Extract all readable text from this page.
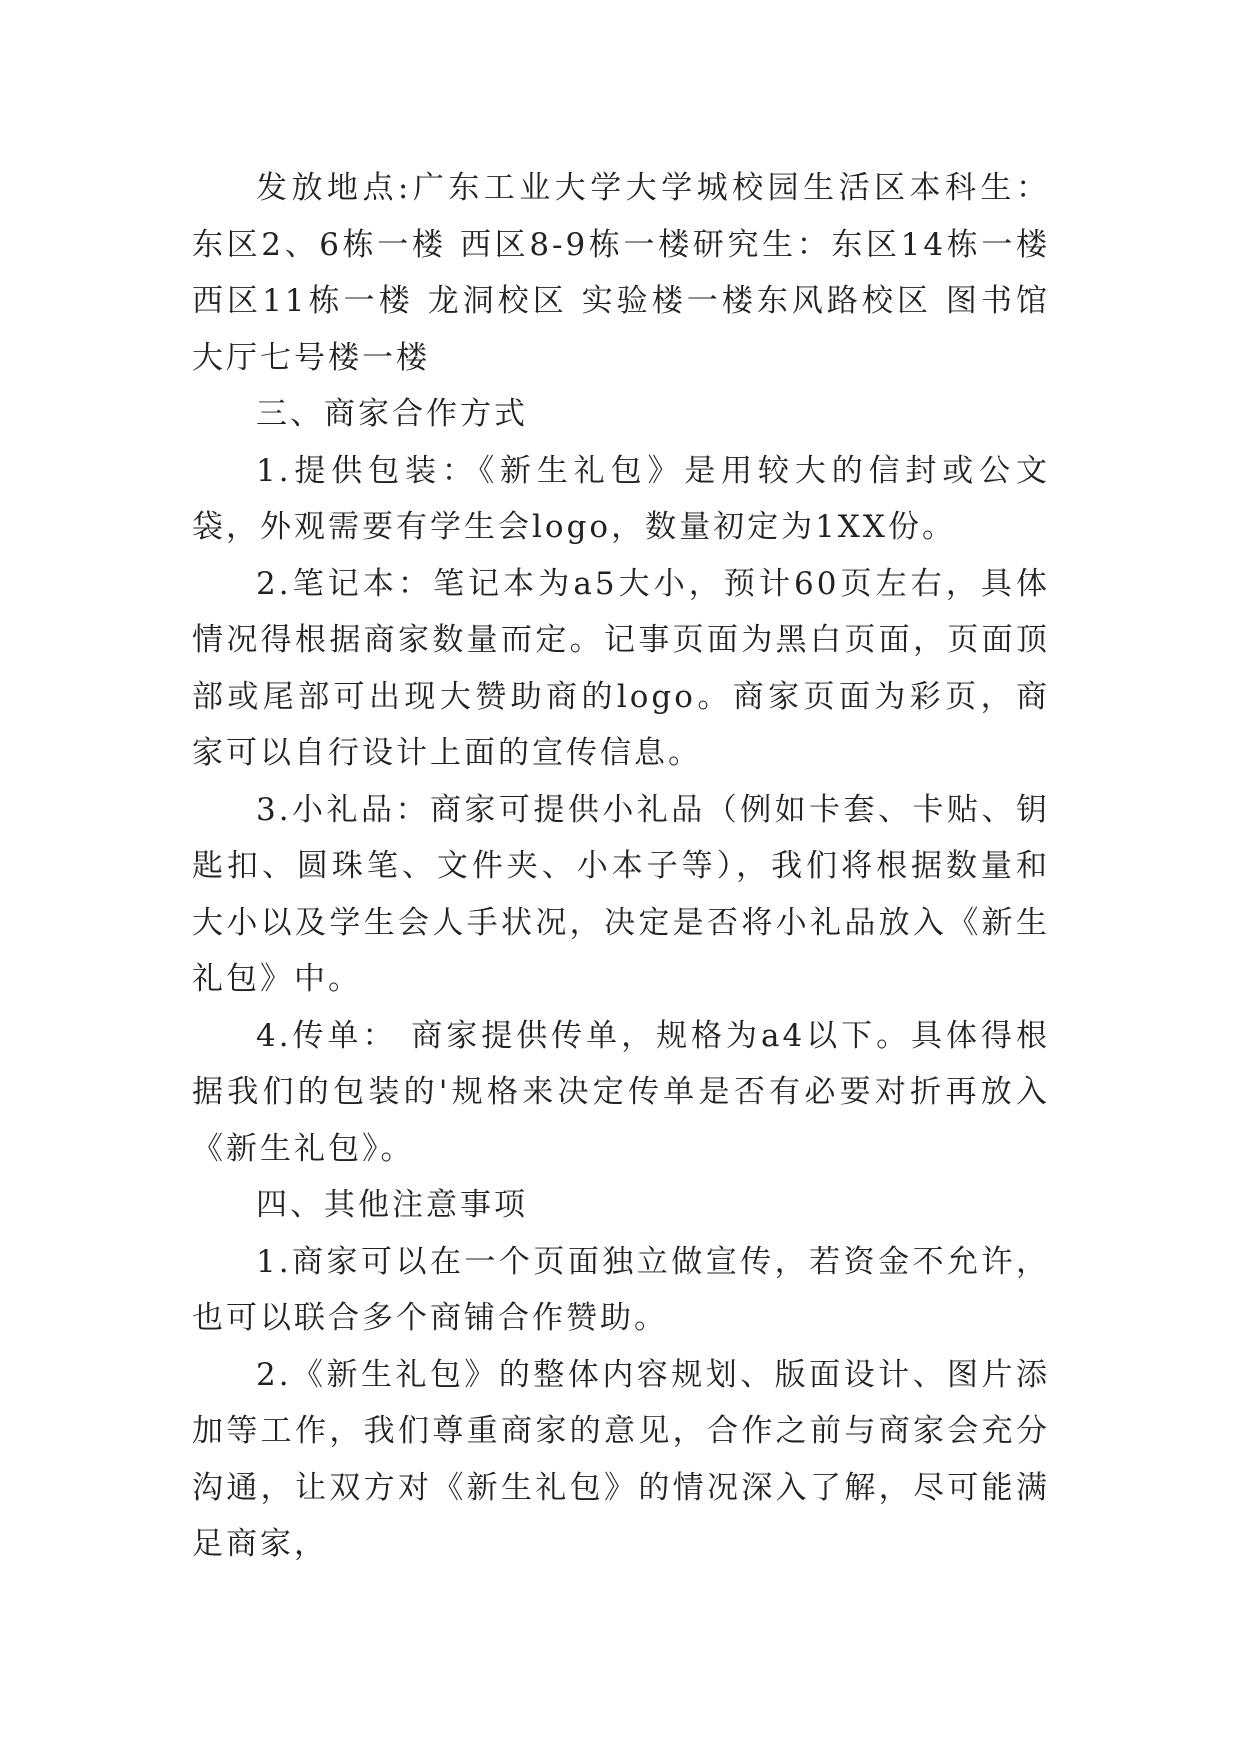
发放地点:广东工业大学大学城校园生活区本科生：东区2、6栋一楼 西区8-9栋一楼研究生：东区14栋一楼 西区11栋一楼 龙洞校区 实验楼一楼东风路校区 图书馆大厅七号楼一楼

三、商家合作方式

1.提供包装：《新生礼包》是用较大的信封或公文袋，外观需要有学生会logo，数量初定为1XX份。

2.笔记本：笔记本为a5大小，预计60页左右，具体情况得根据商家数量而定。记事页面为黑白页面，页面顶部或尾部可出现大赞助商的logo。商家页面为彩页，商家可以自行设计上面的宣传信息。

3.小礼品：商家可提供小礼品（例如卡套、卡贴、钥匙扣、圆珠笔、文件夹、小本子等），我们将根据数量和大小以及学生会人手状况，决定是否将小礼品放入《新生礼包》中。

4.传单： 商家提供传单，规格为a4以下。具体得根据我们的包装的'规格来决定传单是否有必要对折再放入《新生礼包》。

四、其他注意事项

1.商家可以在一个页面独立做宣传，若资金不允许，也可以联合多个商铺合作赞助。

2.《新生礼包》的整体内容规划、版面设计、图片添加等工作，我们尊重商家的意见，合作之前与商家会充分沟通，让双方对《新生礼包》的情况深入了解，尽可能满足商家，
